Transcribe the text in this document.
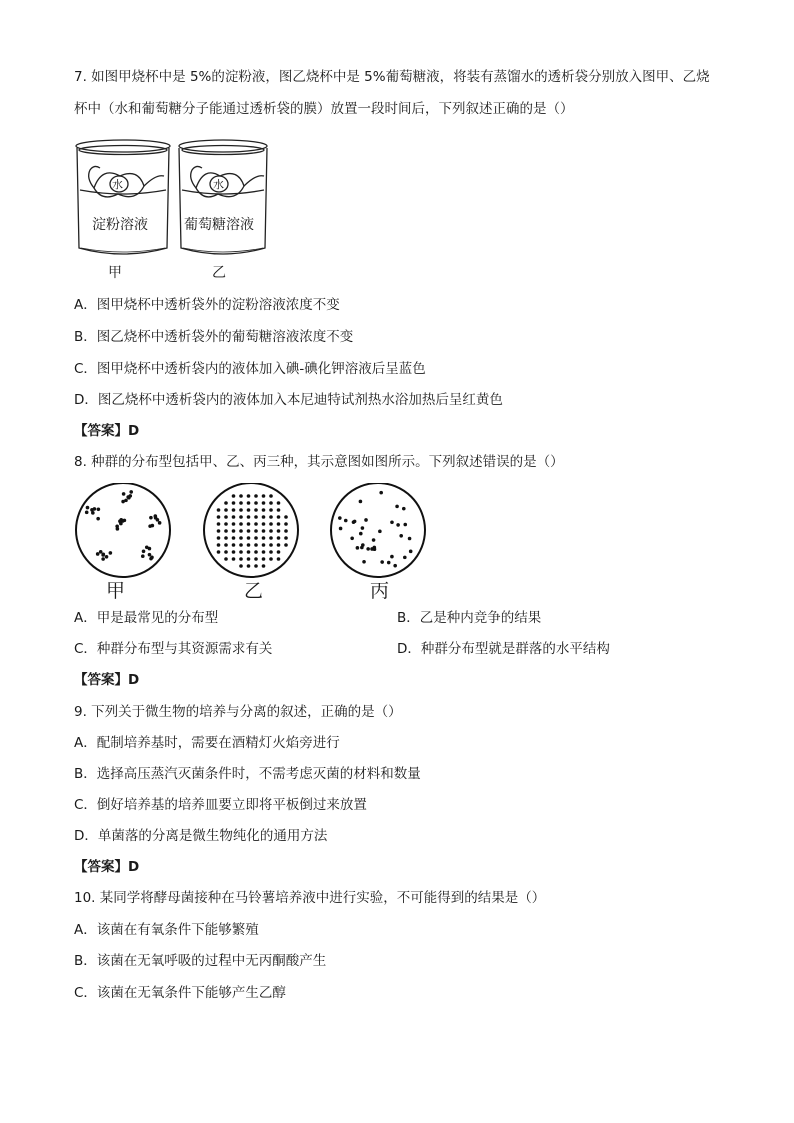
7. 如图甲烧杯中是 5%的淀粉液，图乙烧杯中是 5%葡萄糖液，将装有蒸馏水的透析袋分别放入图甲、乙烧
杯中（水和葡萄糖分子能通过透析袋的膜）放置一段时间后，下列叙述正确的是（）
水
淀粉溶液
水
葡萄糖溶液
甲	乙
A．图甲烧杯中透析袋外的淀粉溶液浓度不变
B．图乙烧杯中透析袋外的葡萄糖溶液浓度不变
C．图甲烧杯中透析袋内的液体加入碘-碘化钾溶液后呈蓝色
D．图乙烧杯中透析袋内的液体加入本尼迪特试剂热水浴加热后呈红黄色
【答案】D
8. 种群的分布型包括甲、乙、丙三种，其示意图如图所示。下列叙述错误的是（）
甲	乙	丙
A．甲是最常见的分布型	B．乙是种内竞争的结果
C．种群分布型与其资源需求有关	D．种群分布型就是群落的水平结构
【答案】D
9. 下列关于微生物的培养与分离的叙述，正确的是（）
A．配制培养基时，需要在酒精灯火焰旁进行
B．选择高压蒸汽灭菌条件时，不需考虑灭菌的材料和数量
C．倒好培养基的培养皿要立即将平板倒过来放置
D．单菌落的分离是微生物纯化的通用方法
【答案】D
10. 某同学将酵母菌接种在马铃薯培养液中进行实验，不可能得到的结果是（）
A．该菌在有氧条件下能够繁殖
B．该菌在无氧呼吸的过程中无丙酮酸产生
C．该菌在无氧条件下能够产生乙醇
